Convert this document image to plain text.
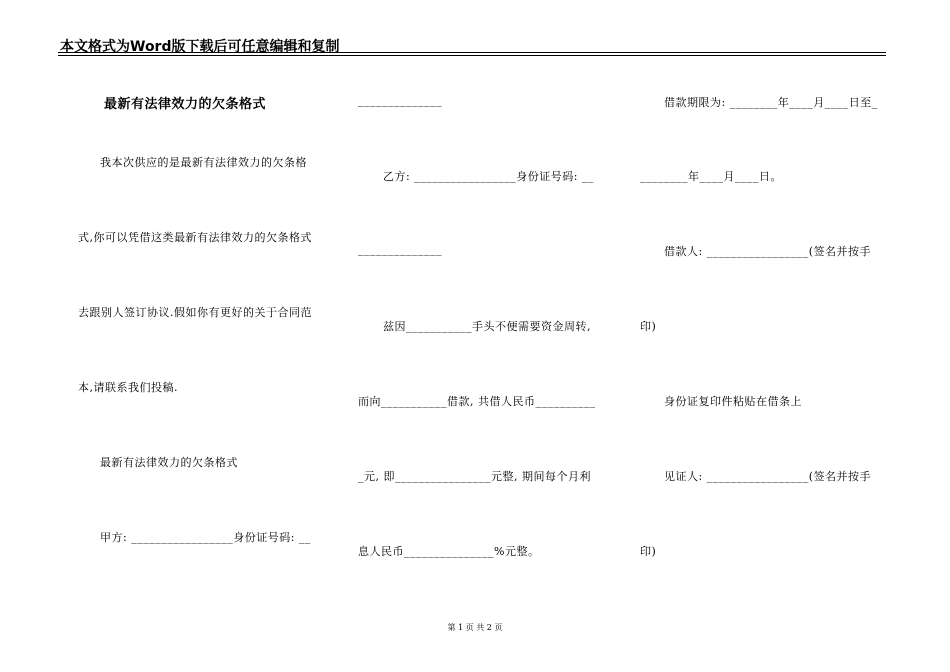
本文格式为Word版下载后可任意编辑和复制
最新有法律效力的欠条格式
我本次供应的是最新有法律效力的欠条格
式,你可以凭借这类最新有法律效力的欠条格式
去跟别人签订协议.假如你有更好的关于合同范
本,请联系我们投稿.
最新有法律效力的欠条格式
甲方: _________________身份证号码: __
______________
乙方: _________________身份证号码: __
______________
兹因___________手头不便需要资金周转,
而向___________借款, 共借人民币__________
_元, 即________________元整, 期间每个月利
息人民币_______________%元整。
借款期限为: ________年____月____日至_
________年____月____日。
借款人: _________________(签名并按手
印)
身份证复印件粘贴在借条上
见证人: _________________(签名并按手
印)
第 1 页 共 2 页
